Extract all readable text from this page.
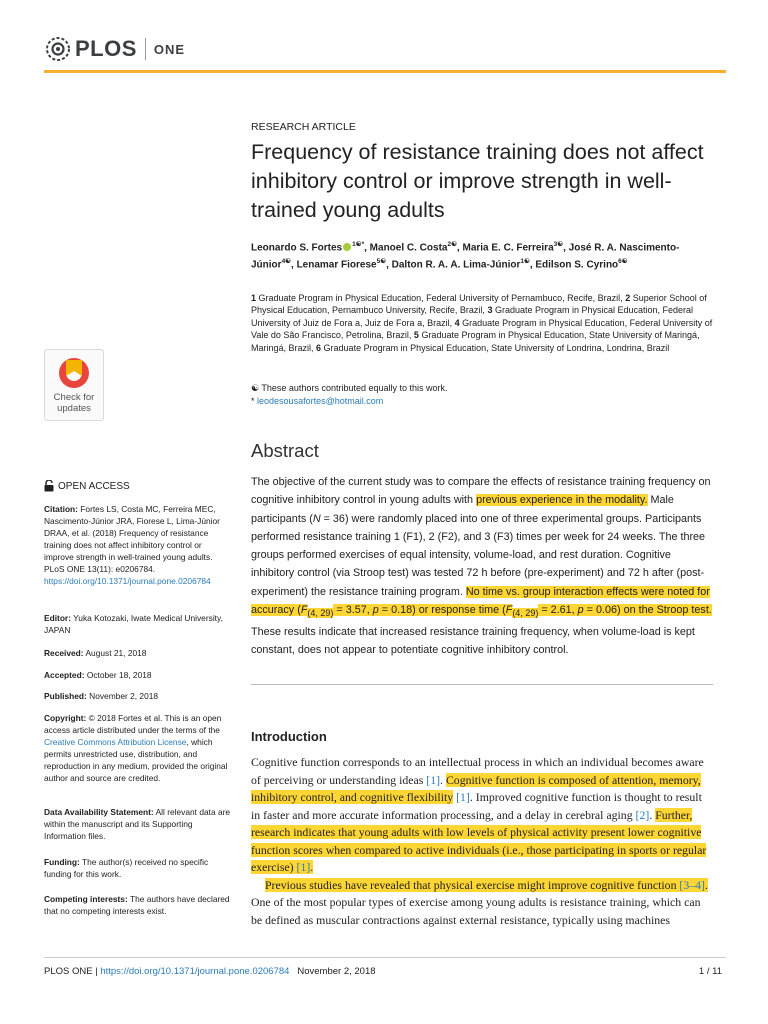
PLOS ONE
Check for updates
OPEN ACCESS
Citation: Fortes LS, Costa MC, Ferreira MEC, Nascimento-Júnior JRA, Fiorese L, Lima-Júnior DRAA, et al. (2018) Frequency of resistance training does not affect inhibitory control or improve strength in well-trained young adults. PLoS ONE 13(11): e0206784. https://doi.org/10.1371/journal.pone.0206784
Editor: Yuka Kotozaki, Iwate Medical University, JAPAN
Received: August 21, 2018
Accepted: October 18, 2018
Published: November 2, 2018
Copyright: © 2018 Fortes et al. This is an open access article distributed under the terms of the Creative Commons Attribution License, which permits unrestricted use, distribution, and reproduction in any medium, provided the original author and source are credited.
Data Availability Statement: All relevant data are within the manuscript and its Supporting Information files.
Funding: The author(s) received no specific funding for this work.
Competing interests: The authors have declared that no competing interests exist.
RESEARCH ARTICLE
Frequency of resistance training does not affect inhibitory control or improve strength in well-trained young adults
Leonardo S. Fortes $^{1☯*}$, Manoel C. Costa$^{2☯}$, Maria E. C. Ferreira$^{3☯}$, José R. A. Nascimento-Júnior$^{4☯}$, Lenamar Fiorese$^{5☯}$, Dalton R. A. A. Lima-Júnior$^{1☯}$, Edilson S. Cyrino$^{6☯}$
1 Graduate Program in Physical Education, Federal University of Pernambuco, Recife, Brazil, 2 Superior School of Physical Education, Pernambuco University, Recife, Brazil, 3 Graduate Program in Physical Education, Federal University of Juiz de Fora a, Juiz de Fora a, Brazil, 4 Graduate Program in Physical Education, Federal University of Vale do São Francisco, Petrolina, Brazil, 5 Graduate Program in Physical Education, State University of Maringá, Maringá, Brazil, 6 Graduate Program in Physical Education, State University of Londrina, Londrina, Brazil
☯ These authors contributed equally to this work.
* leodesousafortes@hotmail.com
Abstract
The objective of the current study was to compare the effects of resistance training frequency on cognitive inhibitory control in young adults with previous experience in the modality. Male participants (N = 36) were randomly placed into one of three experimental groups. Participants performed resistance training 1 (F1), 2 (F2), and 3 (F3) times per week for 24 weeks. The three groups performed exercises of equal intensity, volume-load, and rest duration. Cognitive inhibitory control (via Stroop test) was tested 72 h before (pre-experiment) and 72 h after (post-experiment) the resistance training program. No time vs. group interaction effects were noted for accuracy ($F_{(4, 29)} = 3.57$, p = 0.18) or response time ($F_{(4, 29)} = 2.61$, p = 0.06) on the Stroop test. These results indicate that increased resistance training frequency, when volume-load is kept constant, does not appear to potentiate cognitive inhibitory control.
Introduction

Cognitive function corresponds to an intellectual process in which an individual becomes aware of perceiving or understanding ideas [1]. Cognitive function is composed of attention, memory, inhibitory control, and cognitive flexibility [1]. Improved cognitive function is thought to result in faster and more accurate information processing, and a delay in cerebral aging [2]. Further, research indicates that young adults with low levels of physical activity present lower cognitive function scores when compared to active individuals (i.e., those participating in sports or regular exercise) [1].

Previous studies have revealed that physical exercise might improve cognitive function [3–4]. One of the most popular types of exercise among young adults is resistance training, which can be defined as muscular contractions against external resistance, typically using machines

PLOS ONE | https://doi.org/10.1371/journal.pone.0206784 November 2, 2018	1 / 11
